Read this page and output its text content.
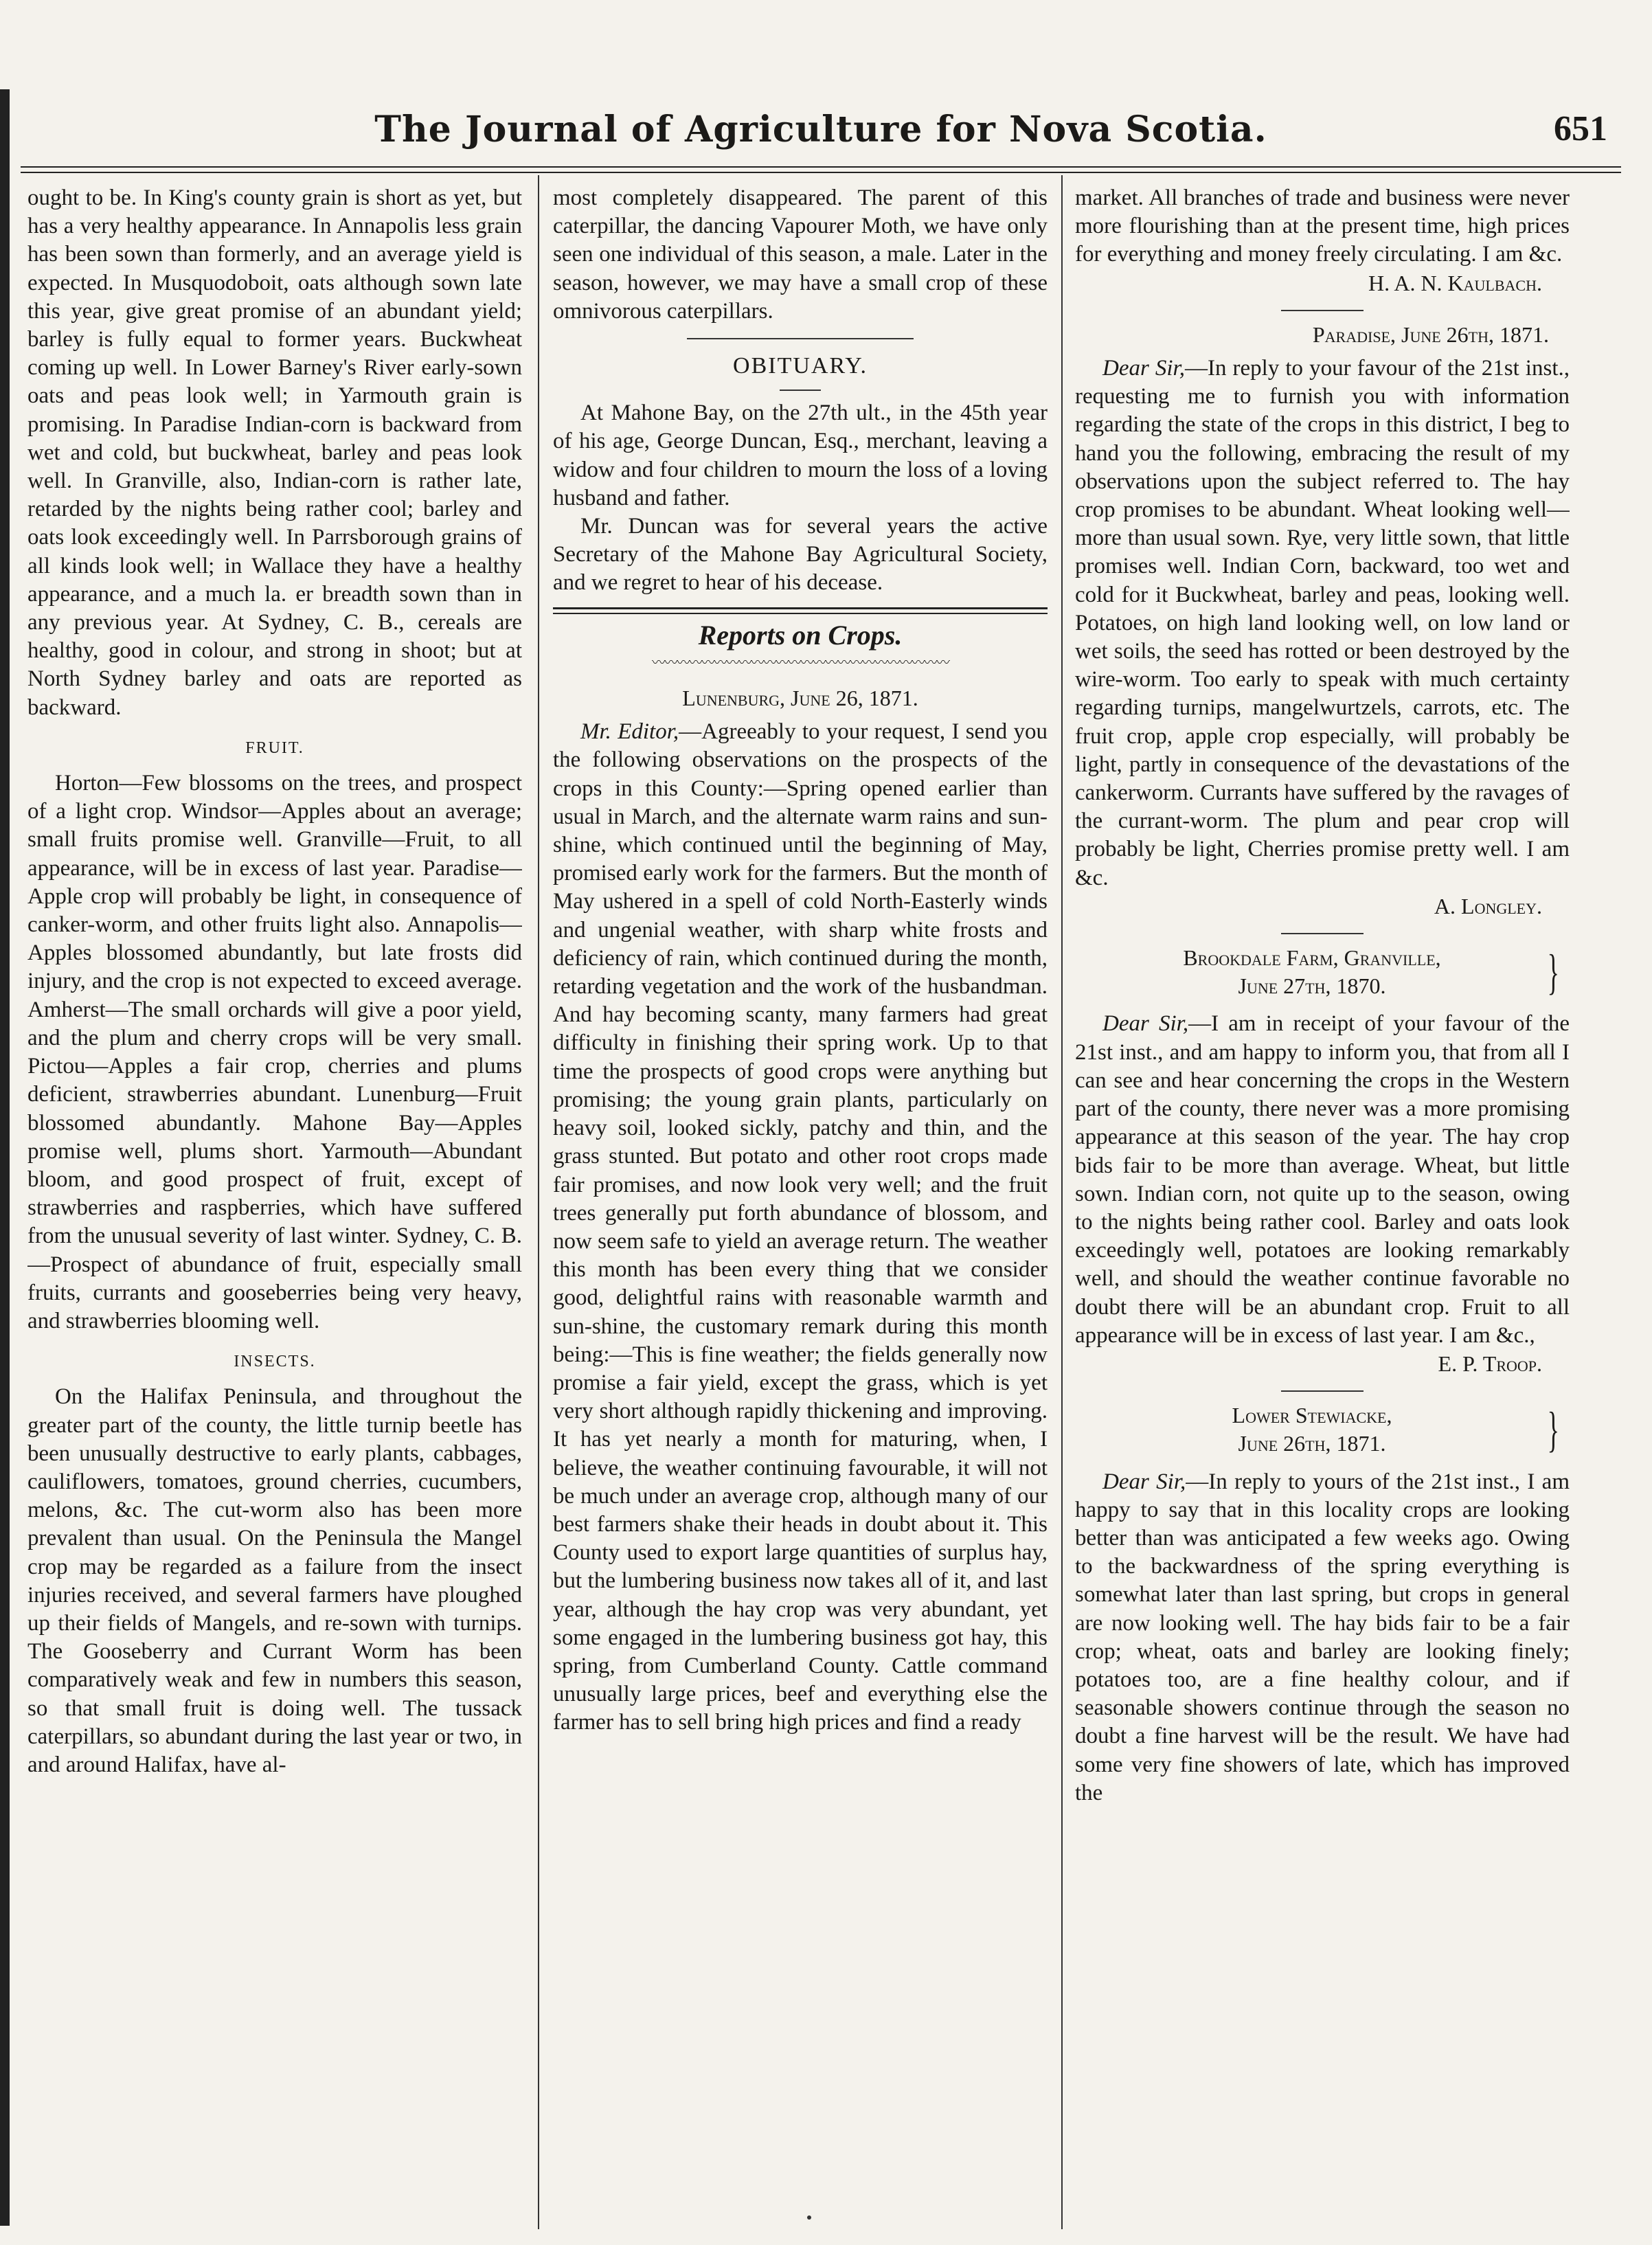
The Journal of Agriculture for Nova Scotia.	651

ought to be. In King's county grain is short as yet, but has a very healthy appearance. In Annapolis less grain has been sown than formerly, and an average yield is expected. In Musquodoboit, oats although sown late this year, give great promise of an abundant yield; barley is fully equal to former years. Buckwheat coming up well. In Lower Barney's River early-sown oats and peas look well; in Yarmouth grain is promising. In Paradise Indian-corn is backward from wet and cold, but buckwheat, barley and peas look well. In Granville, also, Indian-corn is rather late, retarded by the nights being rather cool; barley and oats look exceedingly well. In Parrsborough grains of all kinds look well; in Wallace they have a healthy appearance, and a much la. er breadth sown than in any previous year. At Sydney, C. B., cereals are healthy, good in colour, and strong in shoot; but at North Sydney barley and oats are reported as backward.

FRUIT.

Horton—Few blossoms on the trees, and prospect of a light crop. Windsor—Apples about an average; small fruits promise well. Granville—Fruit, to all appearance, will be in excess of last year. Paradise—Apple crop will probably be light, in consequence of canker-worm, and other fruits light also. Annapolis—Apples blossomed abundantly, but late frosts did injury, and the crop is not expected to exceed average. Amherst—The small orchards will give a poor yield, and the plum and cherry crops will be very small. Pictou—Apples a fair crop, cherries and plums deficient, strawberries abundant. Lunenburg—Fruit blossomed abundantly. Mahone Bay—Apples promise well, plums short. Yarmouth—Abundant bloom, and good prospect of fruit, except of strawberries and raspberries, which have suffered from the unusual severity of last winter. Sydney, C. B.—Prospect of abundance of fruit, especially small fruits, currants and gooseberries being very heavy, and strawberries blooming well.

INSECTS.

On the Halifax Peninsula, and throughout the greater part of the county, the little turnip beetle has been unusually destructive to early plants, cabbages, cauliflowers, tomatoes, ground cherries, cucumbers, melons, &c. The cut-worm also has been more prevalent than usual. On the Peninsula the Mangel crop may be regarded as a failure from the insect injuries received, and several farmers have ploughed up their fields of Mangels, and re-sown with turnips. The Gooseberry and Currant Worm has been comparatively weak and few in numbers this season, so that small fruit is doing well. The tussack caterpillars, so abundant during the last year or two, in and around Halifax, have al-

most completely disappeared. The parent of this caterpillar, the dancing Vapourer Moth, we have only seen one individual of this season, a male. Later in the season, however, we may have a small crop of these omnivorous caterpillars.

OBITUARY.

At Mahone Bay, on the 27th ult., in the 45th year of his age, George Duncan, Esq., merchant, leaving a widow and four children to mourn the loss of a loving husband and father.

Mr. Duncan was for several years the active Secretary of the Mahone Bay Agricultural Society, and we regret to hear of his decease.

Reports on Crops.
〰〰〰〰〰〰〰〰〰〰〰〰〰〰〰〰〰〰〰〰〰〰〰〰
Lunenburg, June 26, 1871.

Mr. Editor,—Agreeably to your request, I send you the following observations on the prospects of the crops in this County:—Spring opened earlier than usual in March, and the alternate warm rains and sun-shine, which continued until the beginning of May, promised early work for the farmers. But the month of May ushered in a spell of cold North-Easterly winds and ungenial weather, with sharp white frosts and deficiency of rain, which continued during the month, retarding vegetation and the work of the husbandman. And hay becoming scanty, many farmers had great difficulty in finishing their spring work. Up to that time the prospects of good crops were anything but promising; the young grain plants, particularly on heavy soil, looked sickly, patchy and thin, and the grass stunted. But potato and other root crops made fair promises, and now look very well; and the fruit trees generally put forth abundance of blossom, and now seem safe to yield an average return. The weather this month has been every thing that we consider good, delightful rains with reasonable warmth and sun-shine, the customary remark during this month being:—This is fine weather; the fields generally now promise a fair yield, except the grass, which is yet very short although rapidly thickening and improving. It has yet nearly a month for maturing, when, I believe, the weather continuing favourable, it will not be much under an average crop, although many of our best farmers shake their heads in doubt about it. This County used to export large quantities of surplus hay, but the lumbering business now takes all of it, and last year, although the hay crop was very abundant, yet some engaged in the lumbering business got hay, this spring, from Cumberland County. Cattle command unusually large prices, beef and everything else the farmer has to sell bring high prices and find a ready

market. All branches of trade and business were never more flourishing than at the present time, high prices for everything and money freely circulating. I am &c.

H. A. N. Kaulbach.
Paradise, June 26th, 1871.

Dear Sir,—In reply to your favour of the 21st inst., requesting me to furnish you with information regarding the state of the crops in this district, I beg to hand you the following, embracing the result of my observations upon the subject referred to. The hay crop promises to be abundant. Wheat looking well—more than usual sown. Rye, very little sown, that little promises well. Indian Corn, backward, too wet and cold for it Buckwheat, barley and peas, looking well. Potatoes, on high land looking well, on low land or wet soils, the seed has rotted or been destroyed by the wire-worm. Too early to speak with much certainty regarding turnips, mangelwurtzels, carrots, etc. The fruit crop, apple crop especially, will probably be light, partly in consequence of the devastations of the cankerworm. Currants have suffered by the ravages of the currant-worm. The plum and pear crop will probably be light, Cherries promise pretty well. I am &c.

A. Longley.
Brookdale Farm, Granville,
June 27th, 1870.	}

Dear Sir,—I am in receipt of your favour of the 21st inst., and am happy to inform you, that from all I can see and hear concerning the crops in the Western part of the county, there never was a more promising appearance at this season of the year. The hay crop bids fair to be more than average. Wheat, but little sown. Indian corn, not quite up to the season, owing to the nights being rather cool. Barley and oats look exceedingly well, potatoes are looking remarkably well, and should the weather continue favorable no doubt there will be an abundant crop. Fruit to all appearance will be in excess of last year. I am &c.,

E. P. Troop.
Lower Stewiacke,
June 26th, 1871.	}

Dear Sir,—In reply to yours of the 21st inst., I am happy to say that in this locality crops are looking better than was anticipated a few weeks ago. Owing to the backwardness of the spring everything is somewhat later than last spring, but crops in general are now looking well. The hay bids fair to be a fair crop; wheat, oats and barley are looking finely; potatoes too, are a fine healthy colour, and if seasonable showers continue through the season no doubt a fine harvest will be the result. We have had some very fine showers of late, which has improved the
